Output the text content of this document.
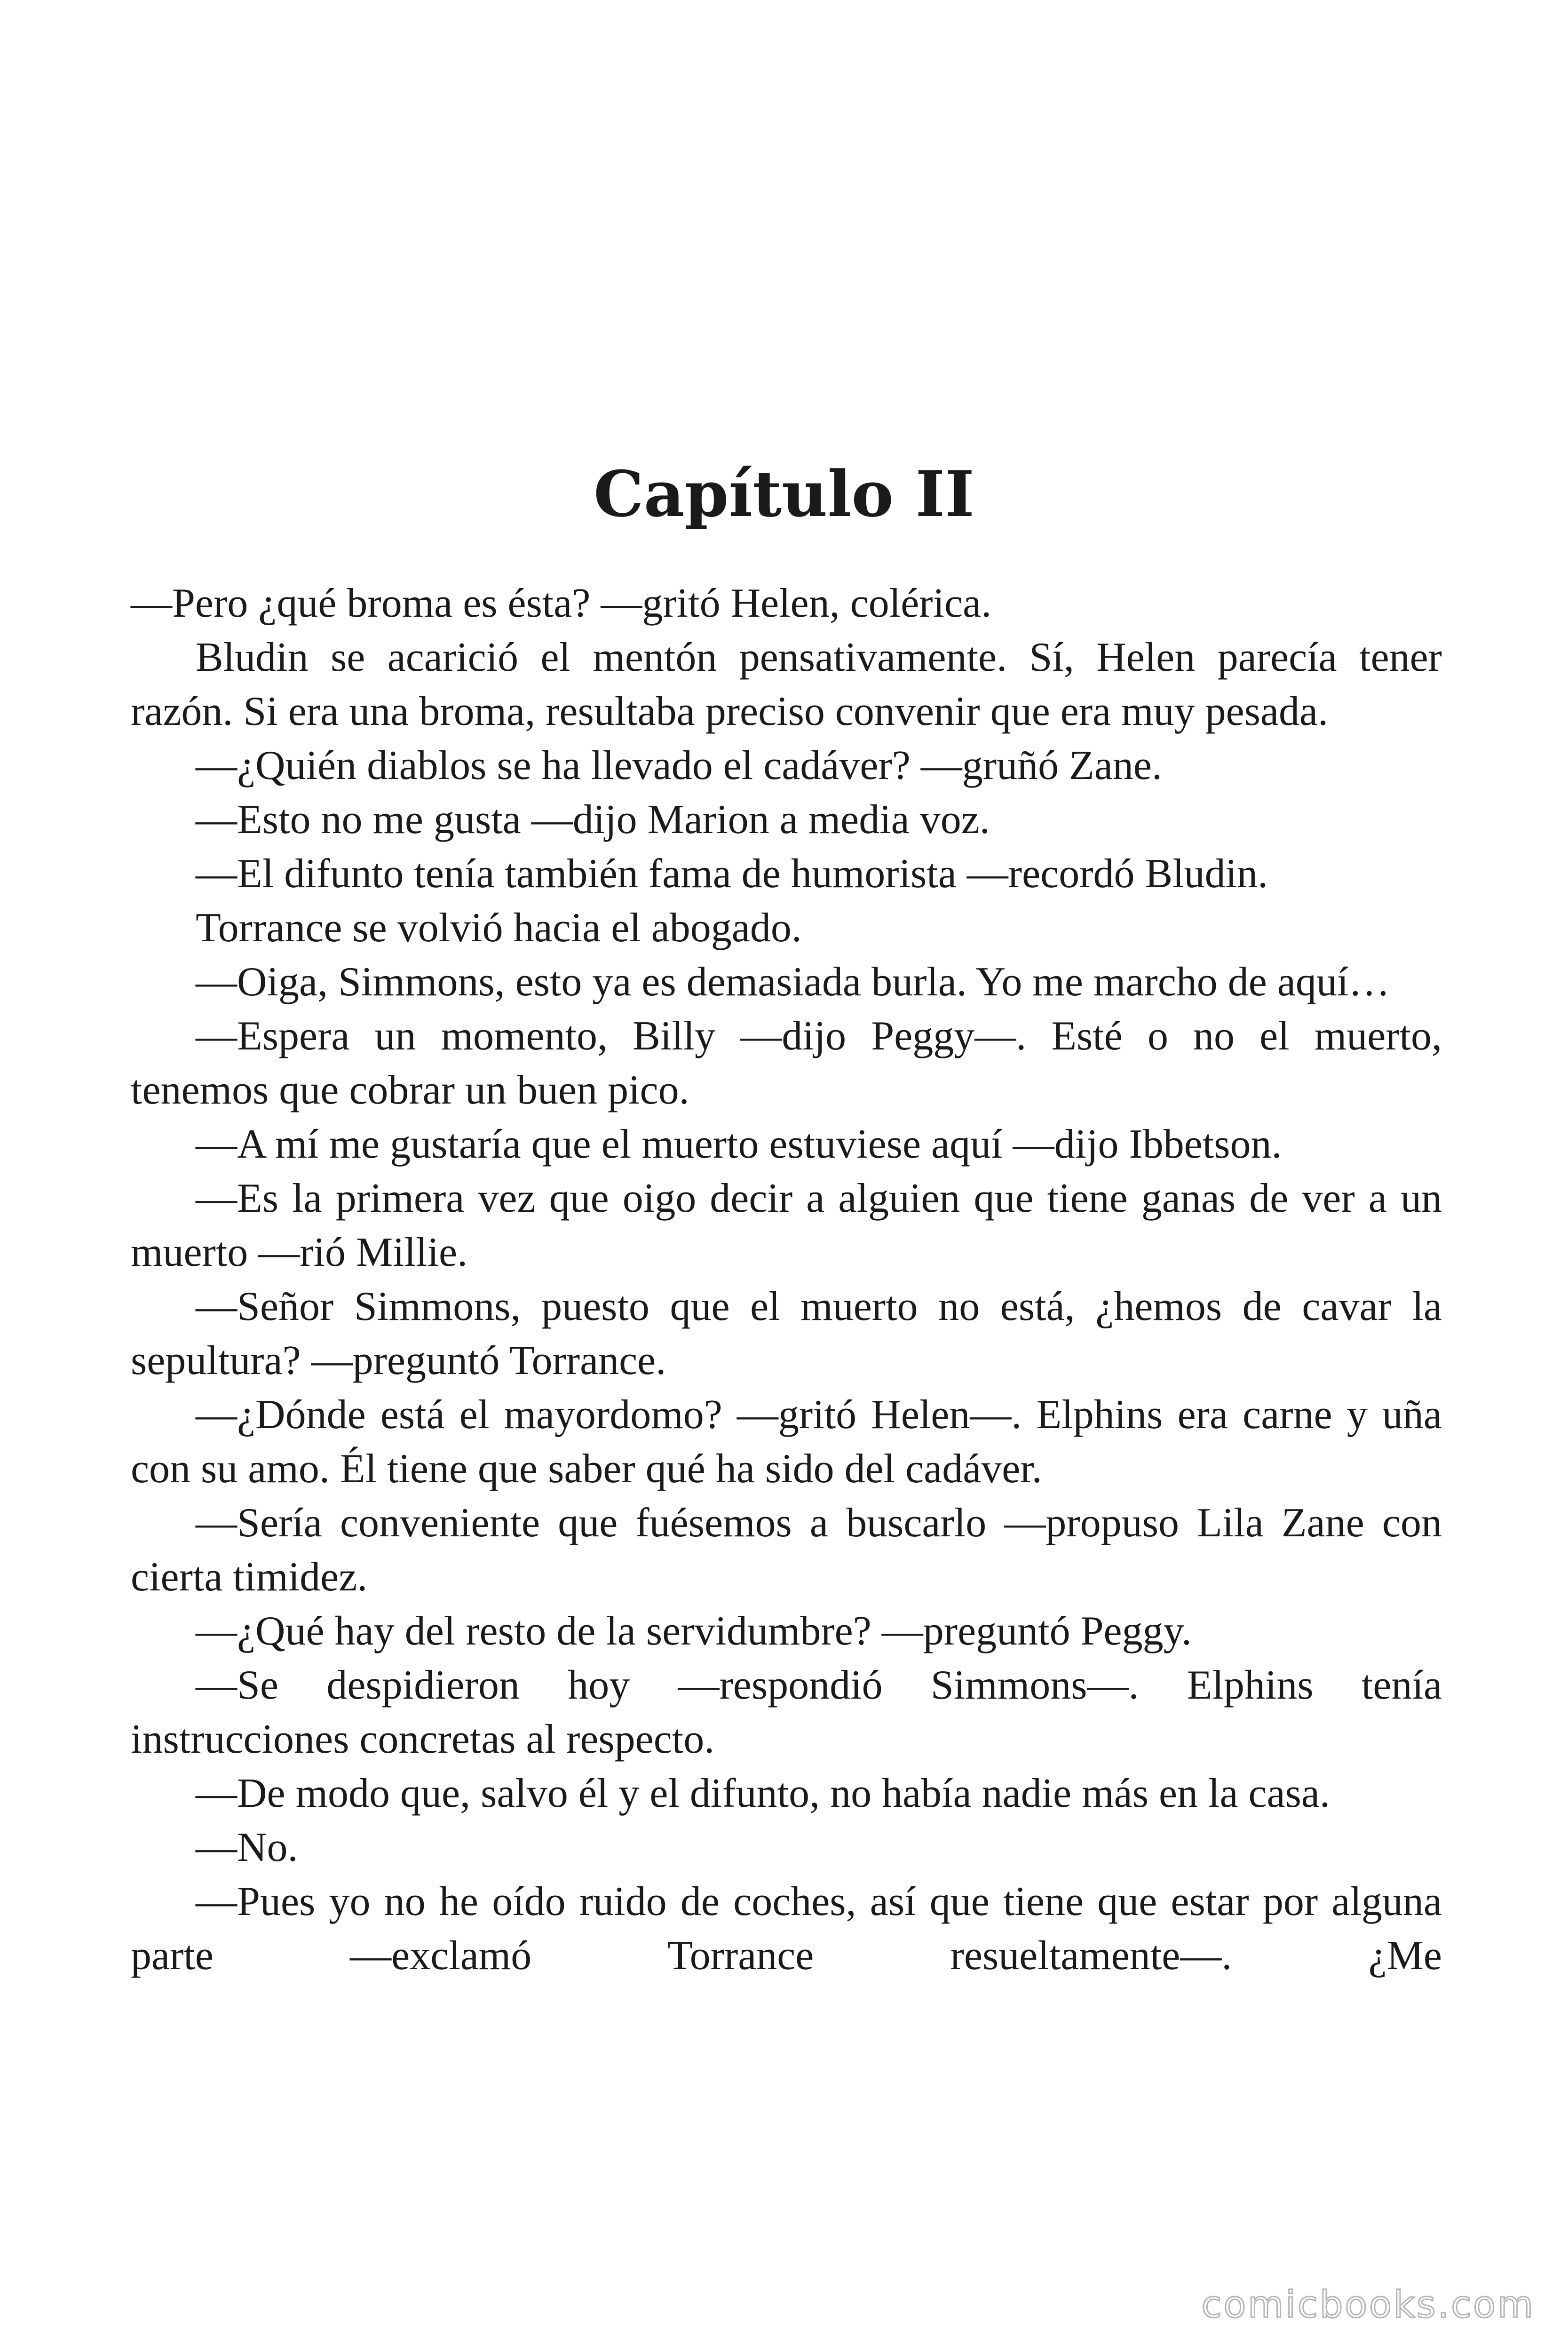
Capítulo II

—Pero ¿qué broma es ésta? —gritó Helen, colérica.

Bludin se acarició el mentón pensativamente. Sí, Helen parecía tener razón. Si era una broma, resultaba preciso convenir que era muy pesada.

—¿Quién diablos se ha llevado el cadáver? —gruñó Zane.

—Esto no me gusta —dijo Marion a media voz.

—El difunto tenía también fama de humorista —recordó Bludin.

Torrance se volvió hacia el abogado.

—Oiga, Simmons, esto ya es demasiada burla. Yo me marcho de aquí…

—Espera un momento, Billy —dijo Peggy—. Esté o no el muerto, tenemos que cobrar un buen pico.

—A mí me gustaría que el muerto estuviese aquí —dijo Ibbetson.

—Es la primera vez que oigo decir a alguien que tiene ganas de ver a un muerto —rió Millie.

—Señor Simmons, puesto que el muerto no está, ¿hemos de cavar la sepultura? —preguntó Torrance.

—¿Dónde está el mayordomo? —gritó Helen—. Elphins era carne y uña con su amo. Él tiene que saber qué ha sido del cadáver.

—Sería conveniente que fuésemos a buscarlo —propuso Lila Zane con cierta timidez.

—¿Qué hay del resto de la servidumbre? —preguntó Peggy.

—Se despidieron hoy —respondió Simmons—. Elphins tenía instrucciones concretas al respecto.

—De modo que, salvo él y el difunto, no había nadie más en la casa.

—No.

—Pues yo no he oído ruido de coches, así que tiene que estar por alguna parte —exclamó Torrance resueltamente—. ¿Me

comicbooks.com
